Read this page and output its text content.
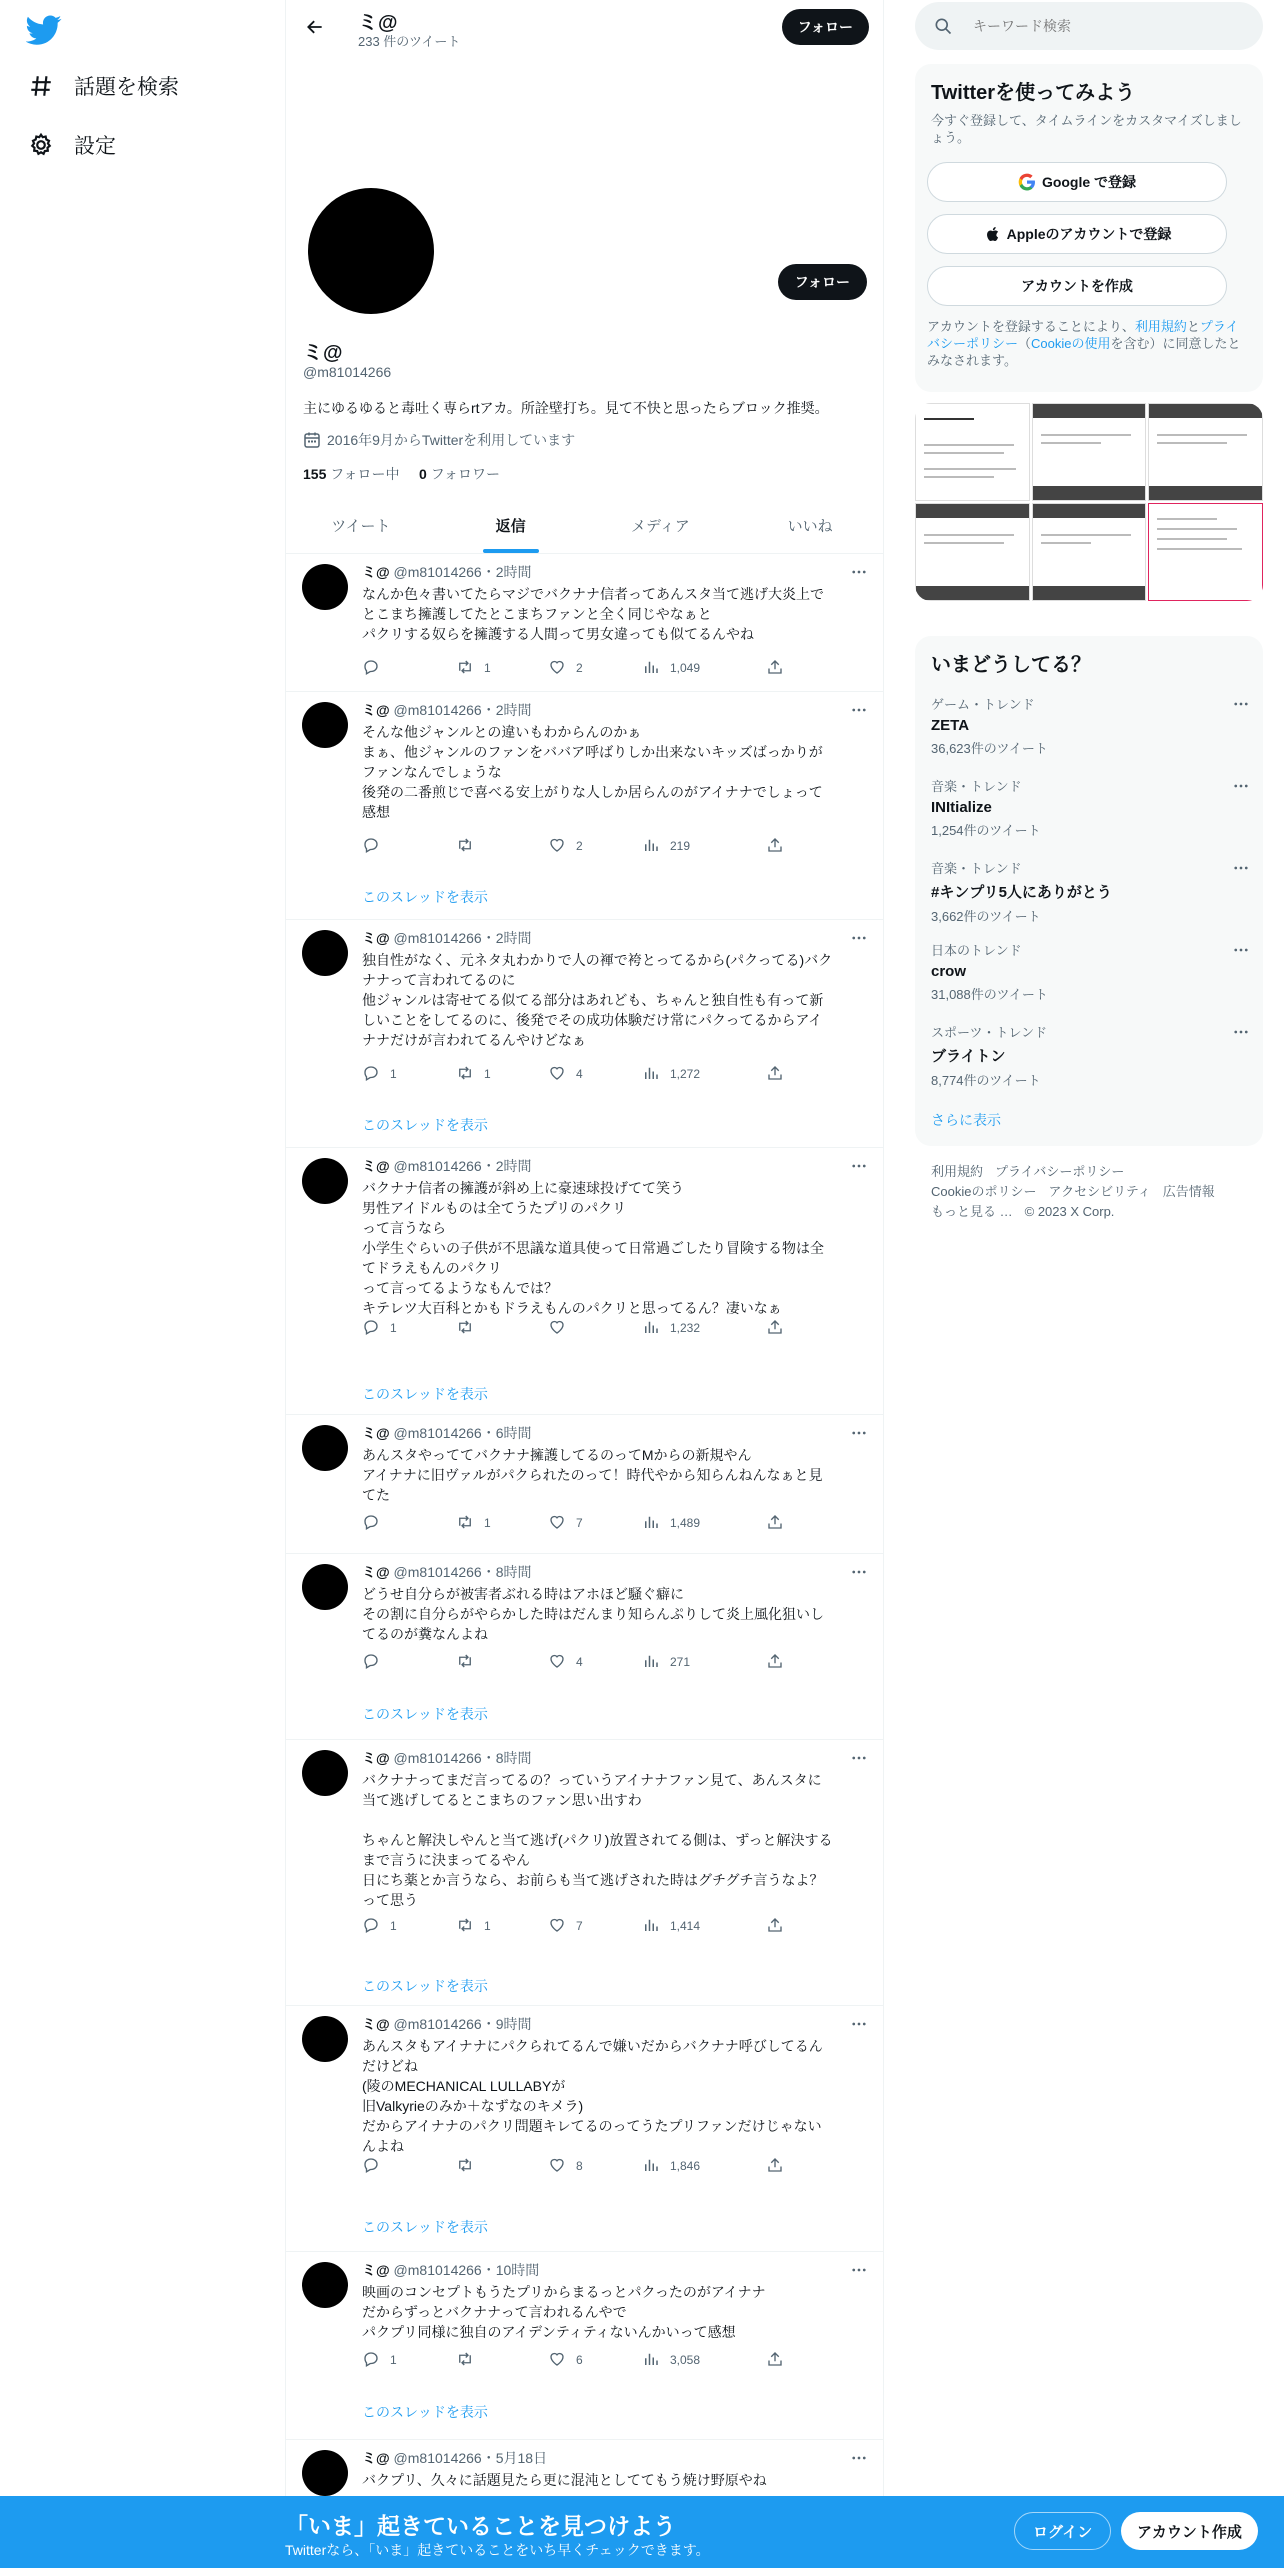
話題を検索
設定
ミ@
233 件のツイート
フォロー
フォロー
ミ@
@m81014266
主にゆるゆると毒吐く専らrtアカ。所詮壁打ち。見て不快と思ったらブロック推奨。
2016年9月からTwitterを利用しています
155 フォロー中 0 フォロワー
ツイート	返信	メディア	いいね
ミ@ @m81014266・2時間
なんか色々書いてたらマジでバクナナ信者ってあんスタ当て逃げ大炎上で
とこまち擁護してたとこまちファンと全く同じやなぁと
パクリする奴らを擁護する人間って男女違っても似てるんやね
1	2	1,049
ミ@ @m81014266・2時間
そんな他ジャンルとの違いもわからんのかぁ
まぁ、他ジャンルのファンをババア呼ばりしか出来ないキッズばっかりが
ファンなんでしょうな
後発の二番煎じで喜べる安上がりな人しか居らんのがアイナナでしょって
感想
2	219
このスレッドを表示
ミ@ @m81014266・2時間
独自性がなく、元ネタ丸わかりで人の褌で袴とってるから(パクってる)バク
ナナって言われてるのに
他ジャンルは寄せてる似てる部分はあれども、ちゃんと独自性も有って新
しいことをしてるのに、後発でその成功体験だけ常にパクってるからアイ
ナナだけが言われてるんやけどなぁ
1	1	4	1,272
このスレッドを表示
ミ@ @m81014266・2時間
バクナナ信者の擁護が斜め上に豪速球投げてて笑う
男性アイドルものは全てうたプリのパクリ
って言うなら
小学生ぐらいの子供が不思議な道具使って日常過ごしたり冒険する物は全
てドラえもんのパクリ
って言ってるようなもんでは？
キテレツ大百科とかもドラえもんのパクリと思ってるん？凄いなぁ
1	1,232
このスレッドを表示
ミ@ @m81014266・6時間
あんスタやっててバクナナ擁護してるのってMからの新規やん
アイナナに旧ヴァルがパクられたのって！時代やから知らんねんなぁと見
てた
1	7	1,489
ミ@ @m81014266・8時間
どうせ自分らが被害者ぶれる時はアホほど騒ぐ癖に
その割に自分らがやらかした時はだんまり知らんぷりして炎上風化狙いし
てるのが糞なんよね
4	271
このスレッドを表示
ミ@ @m81014266・8時間
バクナナってまだ言ってるの？っていうアイナナファン見て、あんスタに
当て逃げしてるとこまちのファン思い出すわ

ちゃんと解決しやんと当て逃げ(パクリ)放置されてる側は、ずっと解決する
まで言うに決まってるやん
日にち薬とか言うなら、お前らも当て逃げされた時はグチグチ言うなよ？
って思う
1	1	7	1,414
このスレッドを表示
ミ@ @m81014266・9時間
あんスタもアイナナにパクられてるんで嫌いだからバクナナ呼びしてるん
だけどね
(陵のMECHANICAL LULLABYが
旧Valkyrieのみか＋なずなのキメラ)
だからアイナナのパクリ問題キレてるのってうたプリファンだけじゃない
んよね
8	1,846
このスレッドを表示
ミ@ @m81014266・10時間
映画のコンセプトもうたプリからまるっとパクったのがアイナナ
だからずっとバクナナって言われるんやで
パクプリ同様に独自のアイデンティティないんかいって感想
1	6	3,058
このスレッドを表示
ミ@ @m81014266・5月18日
バクプリ、久々に話題見たら更に混沌としててもう焼け野原やね
キーワード検索
Twitterを使ってみよう
今すぐ登録して、タイムラインをカスタマイズしましょう。
Google で登録
Appleのアカウントで登録
アカウントを作成
アカウントを登録することにより、利用規約とプライバシーポリシー（Cookieの使用を含む）に同意したとみなされます。
いまどうしてる？
ゲーム・トレンド
ZETA
36,623件のツイート
音楽・トレンド
INItialize
1,254件のツイート
音楽・トレンド
#キンプリ5人にありがとう
3,662件のツイート
日本のトレンド
crow
31,088件のツイート
スポーツ・トレンド
ブライトン
8,774件のツイート
さらに表示
利用規約 プライバシーポリシー
Cookieのポリシー アクセシビリティ 広告情報
もっと見る … © 2023 X Corp.
「いま」起きていることを見つけよう
Twitterなら、「いま」起きていることをいち早くチェックできます。
ログイン	アカウント作成
